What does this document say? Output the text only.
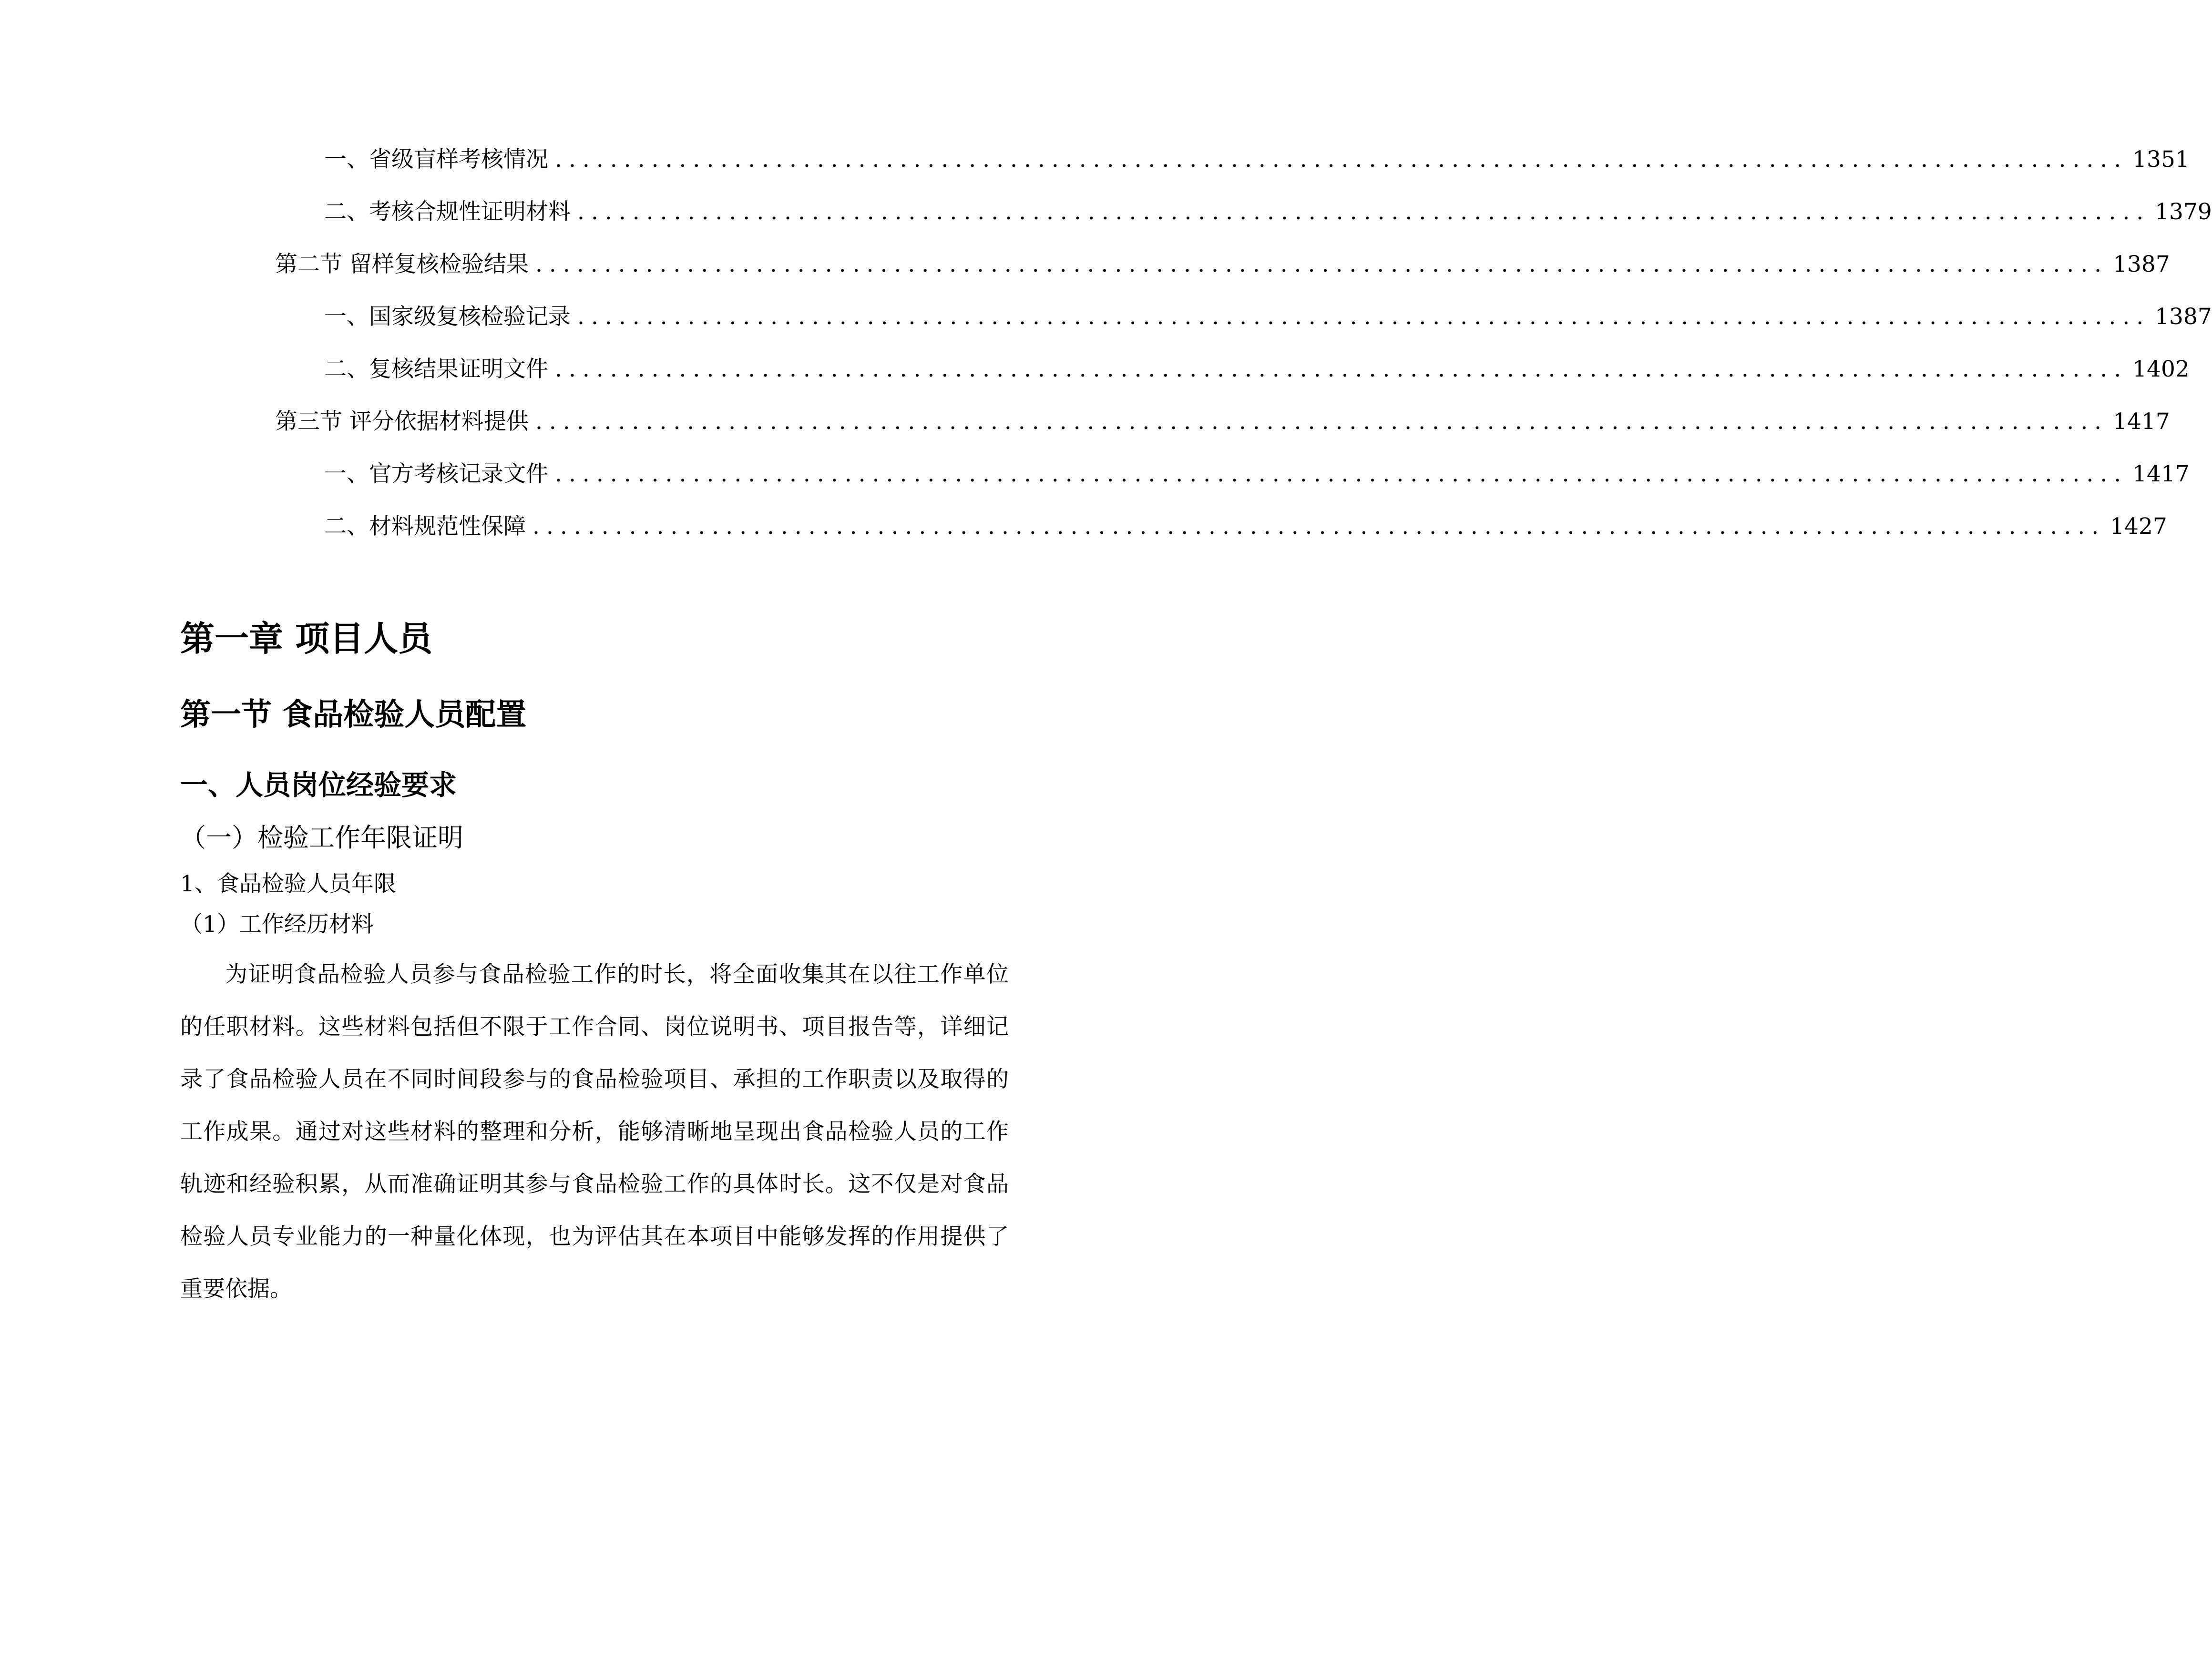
一、 省级盲样考核情况 .................................................................................................................. 1351
二、 考核合规性证明材料 .................................................................................................................. 1379
第二节 留样复核检验结果 .................................................................................................................. 1387
一、 国家级复核检验记录 .................................................................................................................. 1387
二、 复核结果证明文件 .................................................................................................................. 1402
第三节 评分依据材料提供 .................................................................................................................. 1417
一、 官方考核记录文件 .................................................................................................................. 1417
二、 材料规范性保障 .................................................................................................................. 1427
第一章 项目人员
第一节 食品检验人员配置
一、人员岗位经验要求
（一）检验工作年限证明
1、食品检验人员年限
（1）工作经历材料

为证明食品检验人员参与食品检验工作的时长，将全面收集其在以往工作单位的任职材料。这些材料包括但不限于工作合同、岗位说明书、项目报告等，详细记录了食品检验人员在不同时间段参与的食品检验项目、承担的工作职责以及取得的工作成果。通过对这些材料的整理和分析，能够清晰地呈现出食品检验人员的工作轨迹和经验积累，从而准确证明其参与食品检验工作的具体时长。这不仅是对食品检验人员专业能力的一种量化体现，也为评估其在本项目中能够发挥的作用提供了重要依据。
